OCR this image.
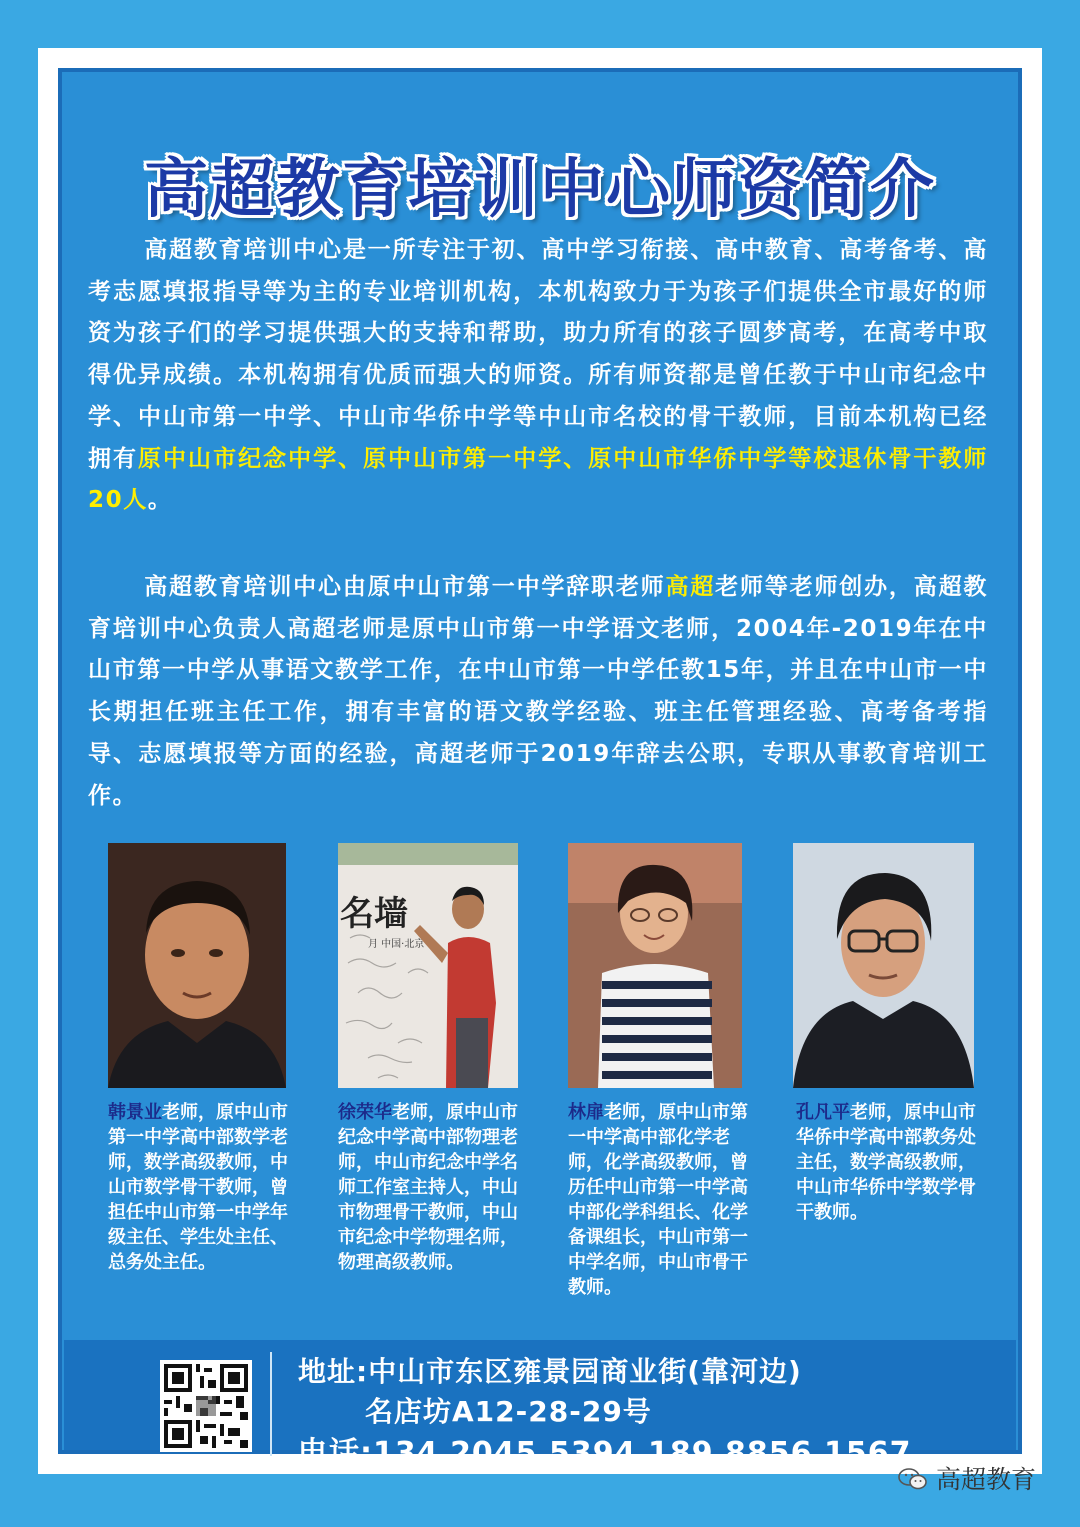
高超教育培训中心师资简介
高超教育培训中心是一所专注于初、高中学习衔接、高中教育、高考备考、高考志愿填报指导等为主的专业培训机构，本机构致力于为孩子们提供全市最好的师资为孩子们的学习提供强大的支持和帮助，助力所有的孩子圆梦高考，在高考中取得优异成绩。本机构拥有优质而强大的师资。所有师资都是曾任教于中山市纪念中学、中山市第一中学、中山市华侨中学等中山市名校的骨干教师，目前本机构已经拥有原中山市纪念中学、原中山市第一中学、原中山市华侨中学等校退休骨干教师20人。
高超教育培训中心由原中山市第一中学辞职老师高超老师等老师创办，高超教育培训中心负责人高超老师是原中山市第一中学语文老师，2004年-2019年在中山市第一中学从事语文教学工作，在中山市第一中学任教15年，并且在中山市一中长期担任班主任工作，拥有丰富的语文教学经验、班主任管理经验、高考备考指导、志愿填报等方面的经验，高超老师于2019年辞去公职，专职从事教育培训工作。
名墙
月 中国·北京
韩景业老师，原中山市第一中学高中部数学老师，数学高级教师，中山市数学骨干教师，曾担任中山市第一中学年级主任、学生处主任、总务处主任。
徐荣华老师，原中山市纪念中学高中部物理老师，中山市纪念中学名师工作室主持人，中山市物理骨干教师，中山市纪念中学物理名师，物理高级教师。
林扉老师，原中山市第一中学高中部化学老师，化学高级教师，曾历任中山市第一中学高中部化学科组长、化学备课组长，中山市第一中学名师，中山市骨干教师。
孔凡平老师，原中山市华侨中学高中部教务处主任，数学高级教师，中山市华侨中学数学骨干教师。
地址:中山市东区雍景园商业街(靠河边)
名店坊A12-28-29号
电话:134 2045 5394 189 8856 1567
高超教育
